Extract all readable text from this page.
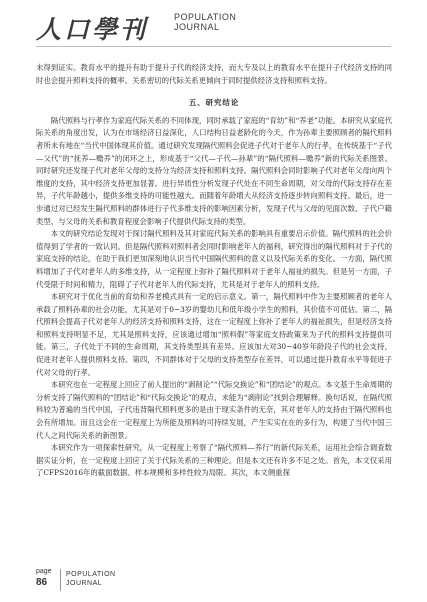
人口學刊	POPULATION
JOURNAL

未得到证实。教育水平的提升有助于提升子代的经济支持，而大专及以上的教育水平在提升子代经济支持的同时也会提升照料支持的概率。关系密切的代际关系更倾向于同时提供经济支持和照料支持。

五、研究结论

隔代照料与行孝作为家庭代际关系的不同体现，同时承载了家庭的“育幼”和“养老”功能。本研究从家庭代际关系的角度出发，认为在市场经济日益深化，人口结构日益老龄化的今天，作为孙辈主要照顾者的隔代照料者所未有地在“当代中国体现其价值。通过研究发现隔代照料会促进子代对于老年人的行孝，在传统基于“子代—父代”的“抚养—赡养”的闭环之上，形成基于“父代—子代—孙辈”的“隔代照料—赡养”新的代际关系图景。同时研究还发现子代对老年父母的支持分为经济支持和照料支持。隔代照料会同时影响子代对老年父母向两个维度的支持，其中经济支持更加显著。进行异质性分析发现子代处在不同生命周期，对父母的代际支持存在差异，子代年龄越小，提供多维支持的可能性越大。而随着年龄增大从经济支持逐步转向照料支持。最后，进一步通过对已经发生隔代照料的群体进行子代多维支持的影响因素分析，发现子代与父母的见面次数、子代户籍类型、与父母的关系和教育程度会影响子代提供代际支持的类型。

本文的研究结论发现对于探讨隔代照料及其对家庭代际关系的影响具有重要启示价值。隔代照料的社会价值得到了学者的一致认同。但是隔代照料对照料者会同时影响老年人的福利，研究得出的隔代照料对于子代的家庭支持的结论，在助于我们更加深刻地认识当代中国隔代照料的意义以及代际关系的变化。一方面，隔代照料增加了子代对老年人的多维支持，从一定程度上弥补了隔代照料对于老年人福祉的损失。但是另一方面，子代受限于时间和精力，阻碍了子代对老年人的代际支持，尤其是对于老年人的照料支持。

本研究对于优化当前的育幼和养老模式具有一定的启示意义。第一，隔代照料中作为主要照顾者的老年人承载了照料孙辈的社会功能，尤其是对于0~3岁的婴幼儿和低年级小学生的照料，其价值不可低估。第二，隔代照料会提高子代对老年人的经济支持和照料支持，这在一定程度上弥补了老年人的福祉损失，但是经济支持和照料支持明显不足，尤其是照料支持，应该通过增加“照料假”等家庭支持政策来为子代的照料支持提供可能。第三，子代处于不同的生命周期，其支持类型具有差异。应该加大对30~40岁年龄段子代的社会支持，促进对老年人提供照料支持。第四，不同群体对于父母的支持类型存在差异，可以通过提升教育水平等促进子代对父母的行孝。

本研究也在一定程度上回应了前人提出的“剥削论”“代际交换论”和“团结论”的观点。本文基于生命周期的分析支持了隔代照料的“团结论”和“代际交换论”的观点，未能为“剥削论”找到合理解释。换句话说，在隔代照料较为普遍的当代中国，子代违背隔代照料更多的是由于现实条件的无奈，其对老年人的支持由于隔代照料也会有所增加。而且这会在一定程度上为所能及照料的可持续发展，产生实实在在的多行为，构建了当代中国三代人之间代际关系的新图景。

本研究作为一项探索性研究，从一定程度上考察了“隔代照料—养行”的新代际关系，运用社会综合调查数据实证分析，在一定程度上回应了关于代际关系的三种理论。但是本文还有许多不足之处。首先，本文仅采用了CFPS2016年的截面数据、样本规模和多样性较为局限。其次，本文侧重探

page
86
POPULATION
JOURNAL
